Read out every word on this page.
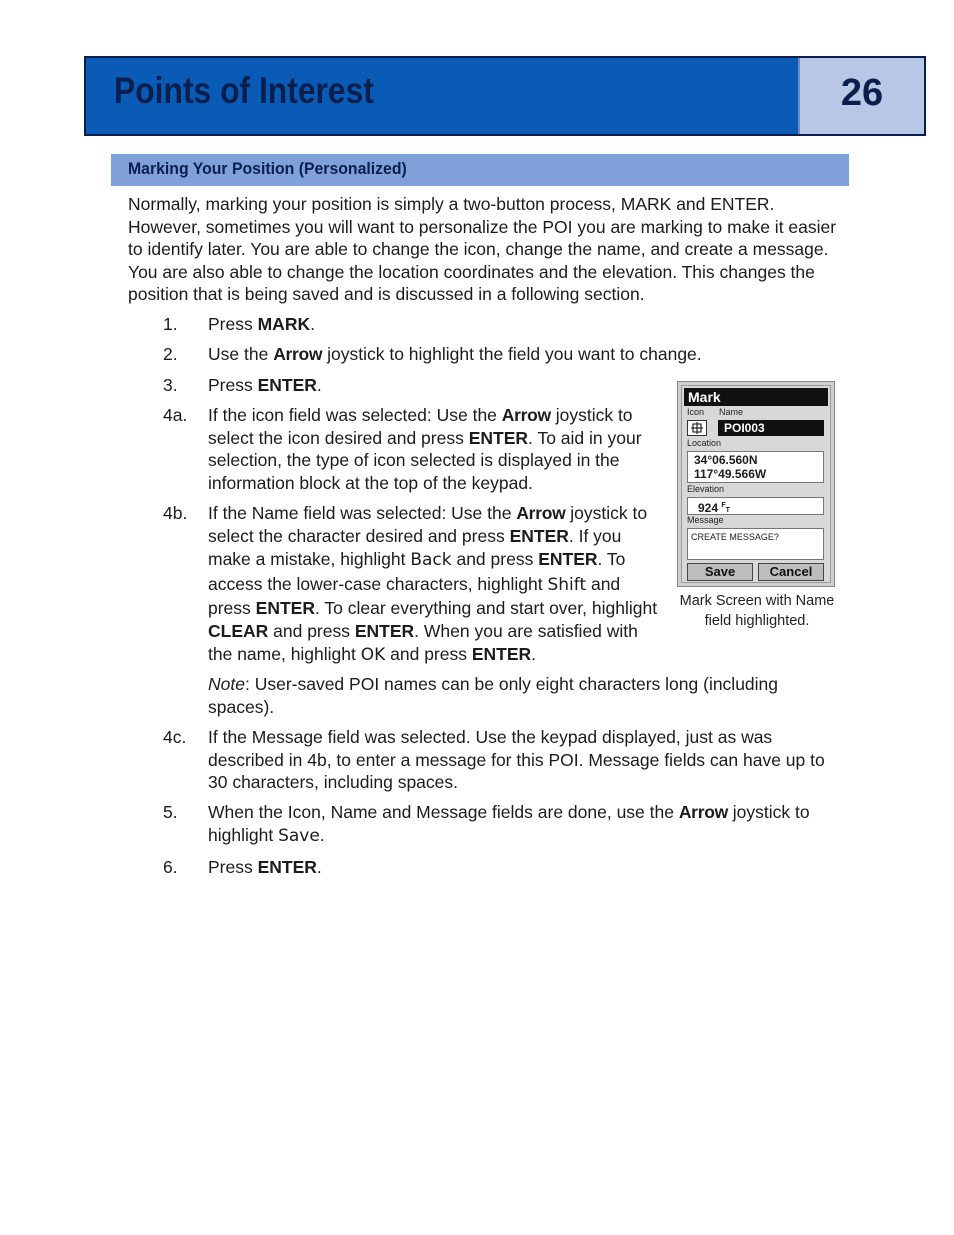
Points of Interest	26
Marking Your Position (Personalized)
Normally, marking your position is simply a two-button process, MARK and ENTER. However, sometimes you will want to personalize the POI you are marking to make it easier to identify later. You are able to change the icon, change the name, and create a message. You are also able to change the location coordinates and the elevation. This changes the position that is being saved and is discussed in a following section.
1. Press MARK.
2. Use the Arrow joystick to highlight the field you want to change.
3. Press ENTER.
4a. If the icon field was selected: Use the Arrow joystick to select the icon desired and press ENTER. To aid in your selection, the type of icon selected is displayed in the information block at the top of the keypad.
4b. If the Name field was selected: Use the Arrow joystick to select the character desired and press ENTER. If you make a mistake, highlight Back and press ENTER. To access the lower-case characters, highlight Shift and press ENTER. To clear everything and start over, highlight CLEAR and press ENTER. When you are satisfied with the name, highlight OK and press ENTER.
Note: User-saved POI names can be only eight characters long (including spaces).
4c. If the Message field was selected. Use the keypad displayed, just as was described in 4b, to enter a message for this POI. Message fields can have up to 30 characters, including spaces.
5. When the Icon, Name and Message fields are done, use the Arrow joystick to highlight Save.
6. Press ENTER.
Mark
Icon Name
POI003
Location
34°06.560N
117°49.566W
Elevation
924 $^F$T
Message
CREATE MESSAGE?
Save	Cancel
Mark Screen with Name
field highlighted.
